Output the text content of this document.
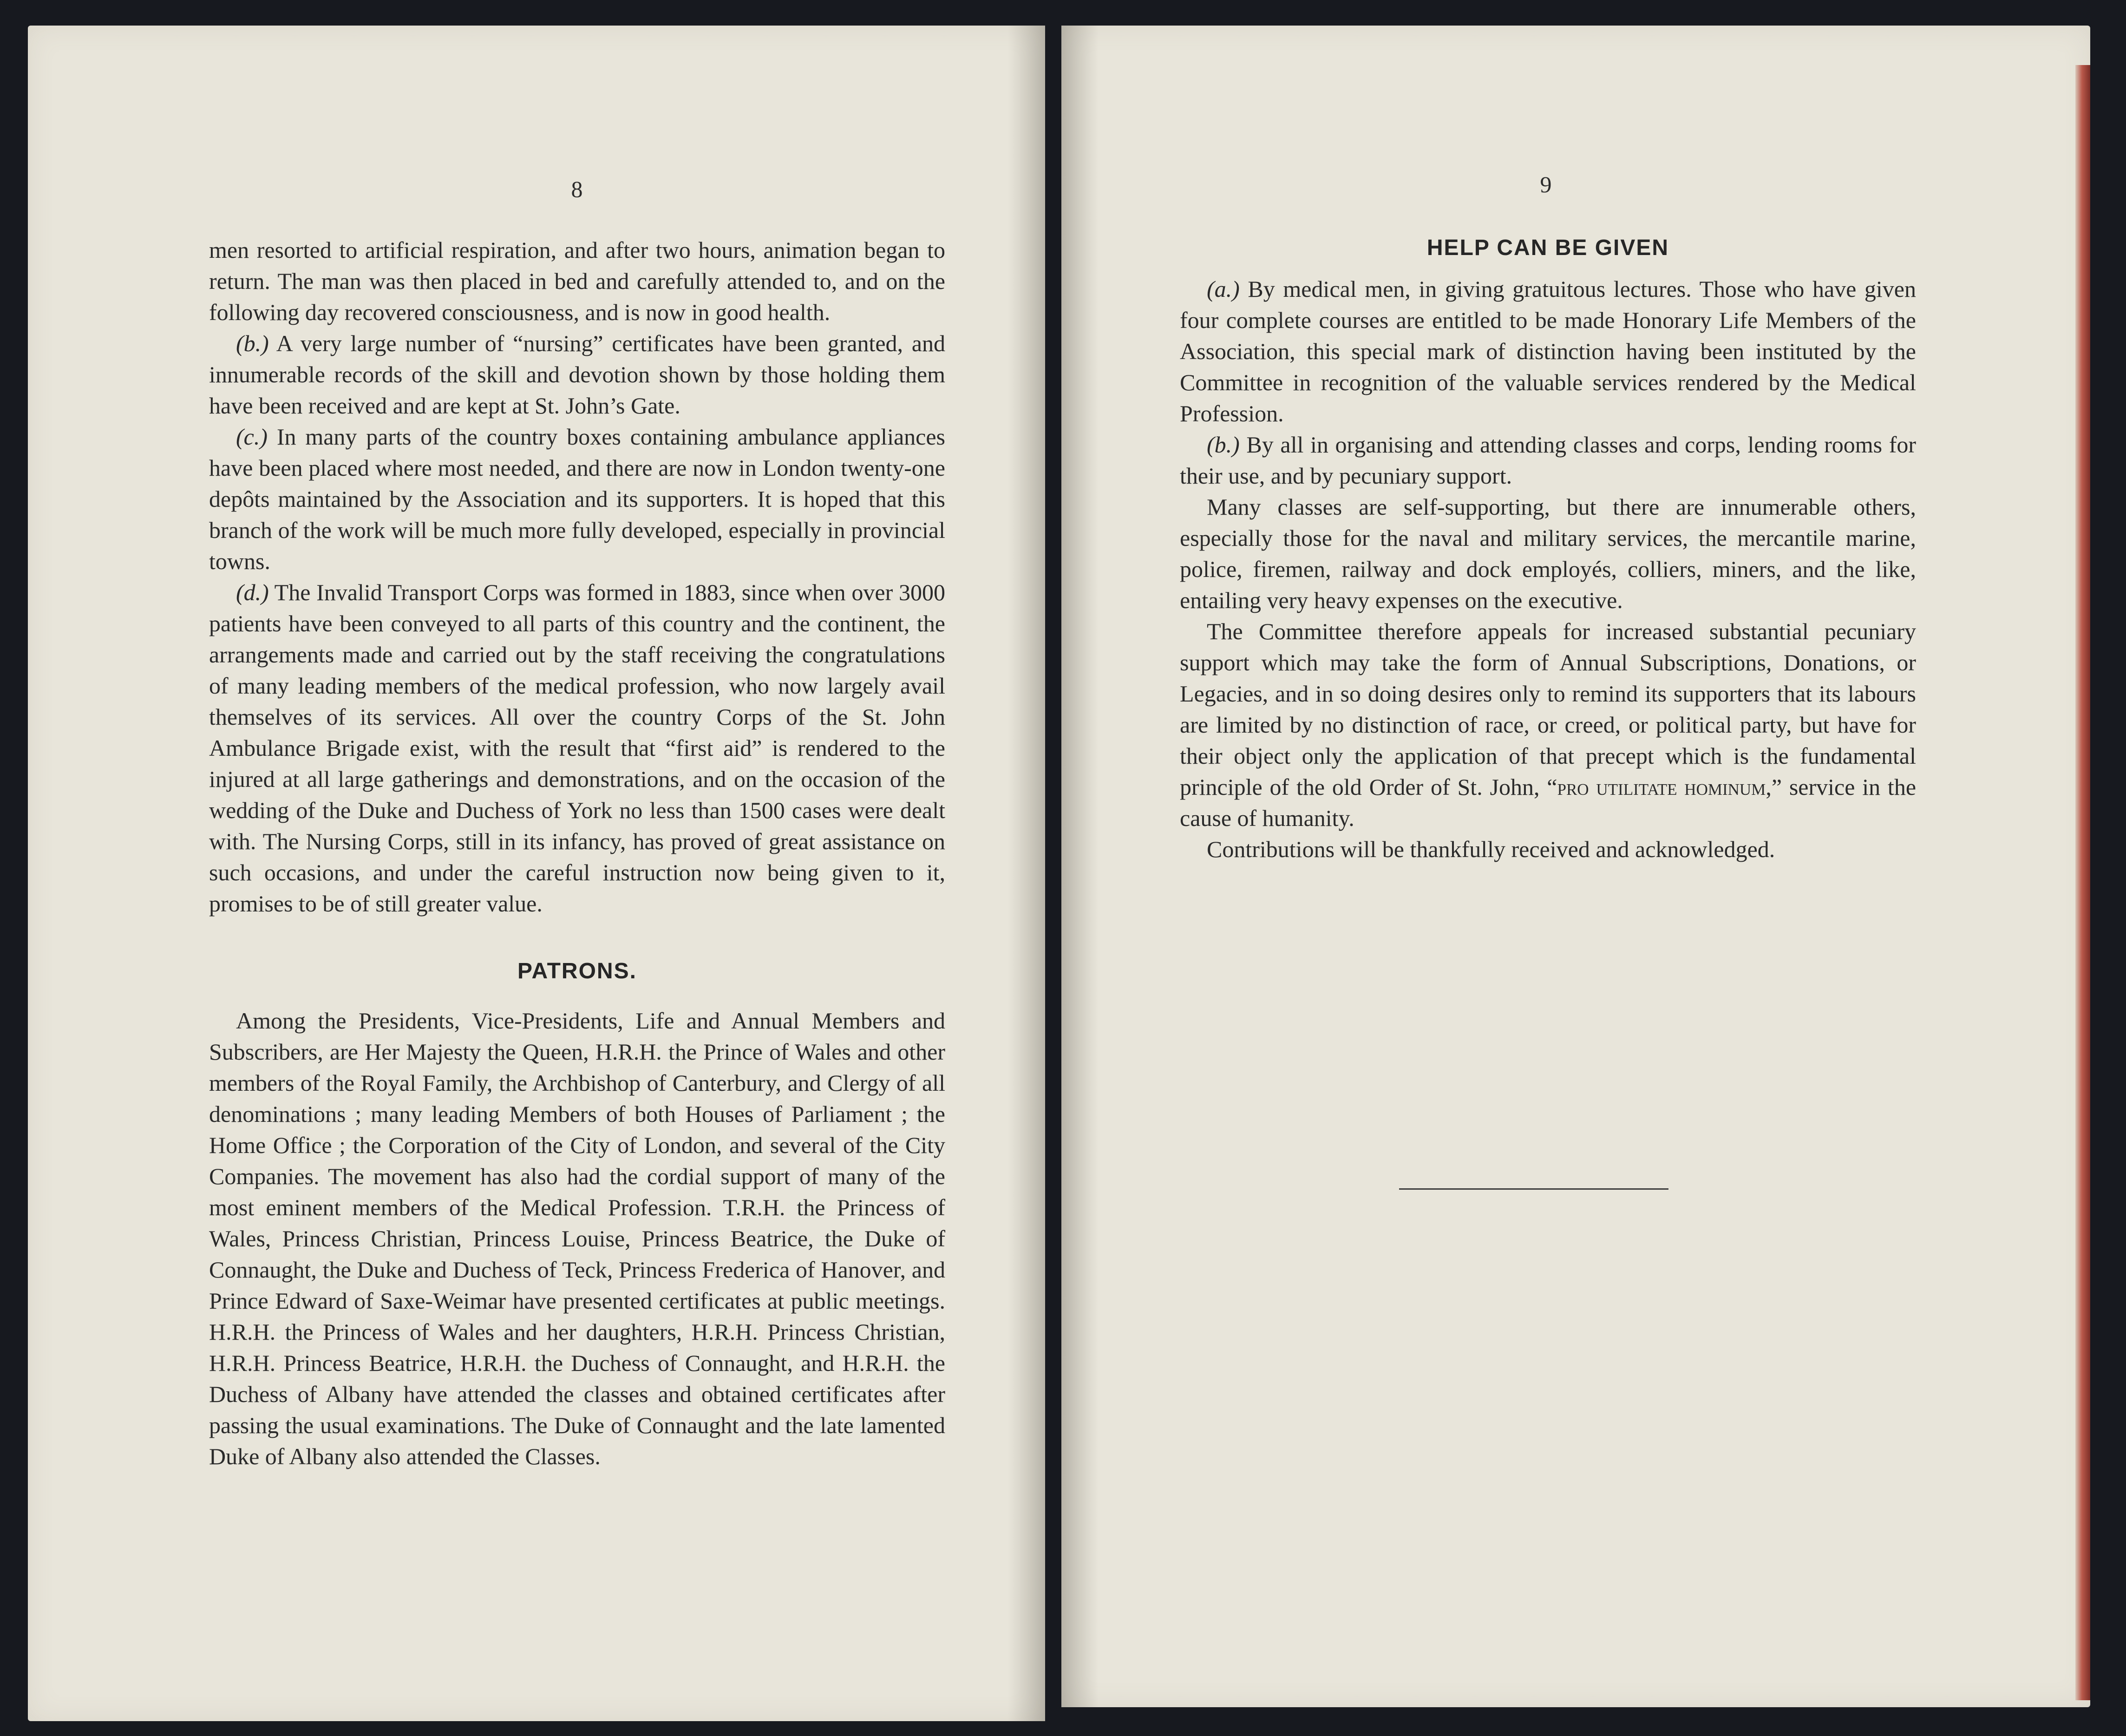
8

men resorted to artificial respiration, and after two hours, animation began to return. The man was then placed in bed and carefully attended to, and on the following day recovered consciousness, and is now in good health.

(b.) A very large number of “nursing” certificates have been granted, and innumerable records of the skill and devotion shown by those holding them have been received and are kept at St. John’s Gate.

(c.) In many parts of the country boxes containing ambulance appliances have been placed where most needed, and there are now in London twenty-one depôts maintained by the Association and its supporters. It is hoped that this branch of the work will be much more fully developed, especially in provincial towns.

(d.) The Invalid Transport Corps was formed in 1883, since when over 3000 patients have been conveyed to all parts of this country and the continent, the arrangements made and carried out by the staff receiving the congratulations of many leading members of the medical profession, who now largely avail themselves of its services. All over the country Corps of the St. John Ambulance Brigade exist, with the result that “first aid” is rendered to the injured at all large gatherings and demonstrations, and on the occasion of the wedding of the Duke and Duchess of York no less than 1500 cases were dealt with. The Nursing Corps, still in its infancy, has proved of great assistance on such occasions, and under the careful instruction now being given to it, promises to be of still greater value.

PATRONS.

Among the Presidents, Vice-Presidents, Life and Annual Members and Subscribers, are Her Majesty the Queen, H.R.H. the Prince of Wales and other members of the Royal Family, the Archbishop of Canterbury, and Clergy of all denominations ; many leading Members of both Houses of Parliament ; the Home Office ; the Corporation of the City of London, and several of the City Companies. The movement has also had the cordial support of many of the most eminent members of the Medical Profession. T.R.H. the Princess of Wales, Princess Christian, Princess Louise, Princess Beatrice, the Duke of Connaught, the Duke and Duchess of Teck, Princess Frederica of Hanover, and Prince Edward of Saxe-Weimar have presented certificates at public meetings. H.R.H. the Princess of Wales and her daughters, H.R.H. Princess Christian, H.R.H. Princess Beatrice, H.R.H. the Duchess of Connaught, and H.R.H. the Duchess of Albany have attended the classes and obtained certificates after passing the usual examinations. The Duke of Connaught and the late lamented Duke of Albany also attended the Classes.

9
HELP CAN BE GIVEN

(a.) By medical men, in giving gratuitous lectures. Those who have given four complete courses are entitled to be made Honorary Life Members of the Association, this special mark of distinction having been instituted by the Committee in recognition of the valuable services rendered by the Medical Profession.

(b.) By all in organising and attending classes and corps, lending rooms for their use, and by pecuniary support.

Many classes are self-supporting, but there are innumerable others, especially those for the naval and military services, the mercantile marine, police, firemen, railway and dock employés, colliers, miners, and the like, entailing very heavy expenses on the executive.

The Committee therefore appeals for increased substantial pecuniary support which may take the form of Annual Subscriptions, Donations, or Legacies, and in so doing desires only to remind its supporters that its labours are limited by no distinction of race, or creed, or political party, but have for their object only the application of that precept which is the fundamental principle of the old Order of St. John, “pro utilitate hominum,” service in the cause of humanity.

Contributions will be thankfully received and acknowledged.
